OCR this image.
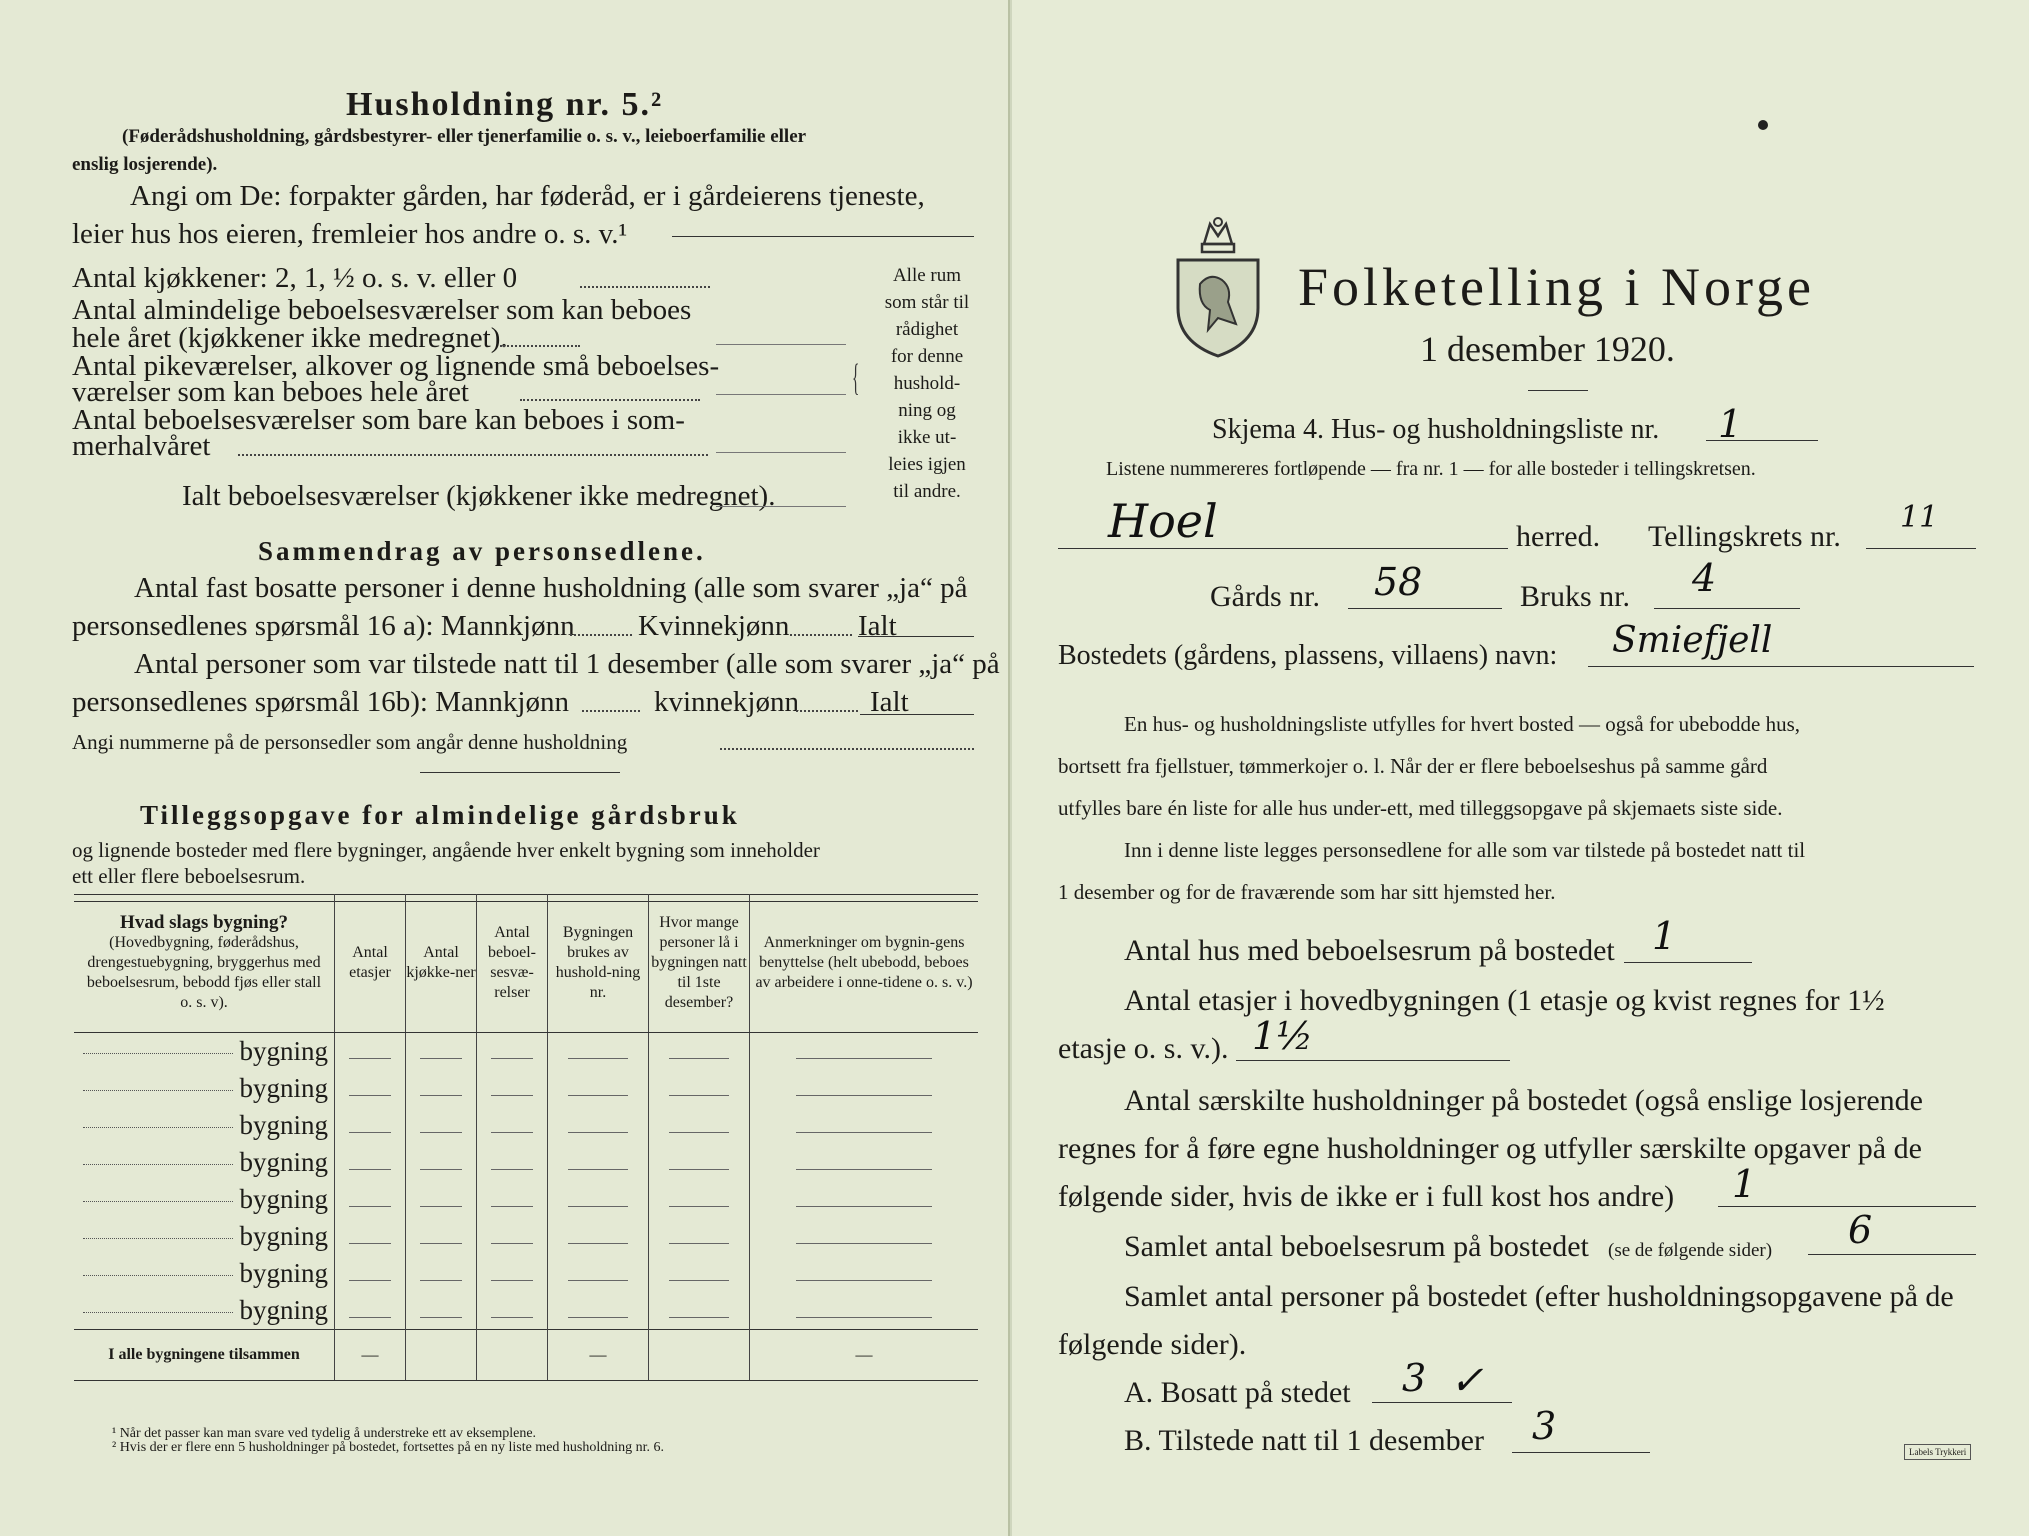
Husholdning nr. 5.²
(Føderådshusholdning, gårdsbestyrer- eller tjenerfamilie o. s. v., leieboerfamilie eller
enslig losjerende).
Angi om De: forpakter gården, har føderåd, er i gårdeierens tjeneste,
leier hus hos eieren, fremleier hos andre o. s. v.¹
Antal kjøkkener: 2, 1, ½ o. s. v. eller 0
Antal almindelige beboelsesværelser som kan beboes
hele året (kjøkkener ikke medregnet).
Antal pikeværelser, alkover og lignende små beboelses-
værelser som kan beboes hele året
Antal beboelsesværelser som bare kan beboes i som-
merhalvåret
Ialt beboelsesværelser (kjøkkener ikke medregnet).
{
Alle rum
som står til
rådighet
for denne
hushold-
ning og
ikke ut-
leies igjen
til andre.
Sammendrag av personsedlene.
Antal fast bosatte personer i denne husholdning (alle som svarer „ja“ på
personsedlenes spørsmål 16 a): Mannkjønn Kvinnekjønn Ialt
Antal personer som var tilstede natt til 1 desember (alle som svarer „ja“ på
personsedlenes spørsmål 16b): Mannkjønn	kvinnekjønn Ialt
Angi nummerne på de personsedler som angår denne husholdning
Tilleggsopgave for almindelige gårdsbruk
og lignende bosteder med flere bygninger, angående hver enkelt bygning som inneholder
ett eller flere beboelsesrum.
Hvad slags bygning?
(Hovedbygning, føderådshus, drengestuebygning, bryggerhus med beboelsesrum, bebodd fjøs eller stall o. s. v).	Antal etasjer	Antal kjøkke-ner	Antal beboel-sesvæ-relser	Bygningen brukes av hushold-ning nr.	Hvor mange personer lå i bygningen natt til 1ste desember?	Anmerkninger om bygnin-gens benyttelse (helt ubebodd, beboes av arbeidere i onne-tidene o. s. v.)
bygning						
bygning						
bygning						
bygning						
bygning						
bygning						
bygning						
bygning						
I alle bygningene tilsammen	—			—		—
¹ Når det passer kan man svare ved tydelig å understreke ett av eksemplene.
² Hvis der er flere enn 5 husholdninger på bostedet, fortsettes på en ny liste med husholdning nr. 6.
Folketelling i Norge
1 desember 1920.
Skjema 4. Hus- og husholdningsliste nr. 1
Listene nummereres fortløpende — fra nr. 1 — for alle bosteder i tellingskretsen.
Hoel	herred. Tellingskrets nr.
11
Gårds nr. 58	Bruks nr. 4
Bostedets (gårdens, plassens, villaens) navn: Smiefjell
En hus- og husholdningsliste utfylles for hvert bosted — også for ubebodde hus,
bortsett fra fjellstuer, tømmerkojer o. l. Når der er flere beboelseshus på samme gård
utfylles bare én liste for alle hus under-ett, med tilleggsopgave på skjemaets siste side.
Inn i denne liste legges personsedlene for alle som var tilstede på bostedet natt til
1 desember og for de fraværende som har sitt hjemsted her.
Antal hus med beboelsesrum på bostedet 1
Antal etasjer i hovedbygningen (1 etasje og kvist regnes for 1½
etasje o. s. v.). 1½
Antal særskilte husholdninger på bostedet (også enslige losjerende
regnes for å føre egne husholdninger og utfyller særskilte opgaver på de
følgende sider, hvis de ikke er i full kost hos andre) 1
Samlet antal beboelsesrum på bostedet (se de følgende sider) 6
Samlet antal personer på bostedet (efter husholdningsopgavene på de
følgende sider).
A. Bosatt på stedet 3 ✓
B. Tilstede natt til 1 desember 3
Labels Trykkeri
